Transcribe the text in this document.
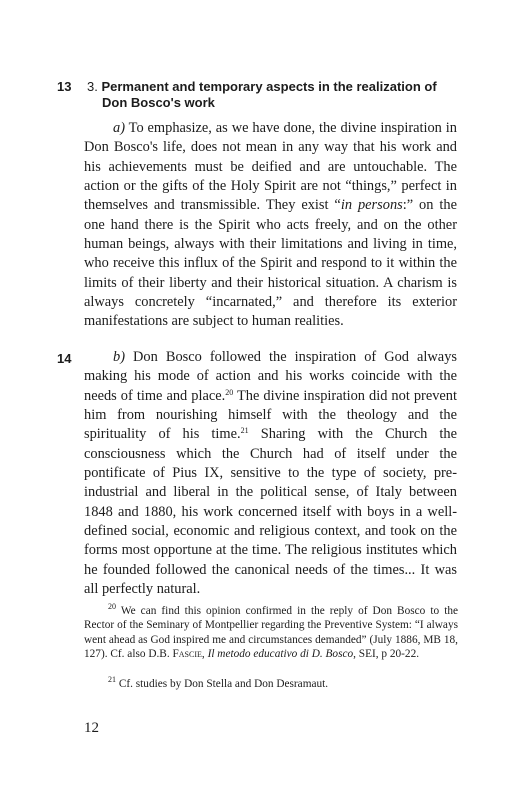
13 3. Permanent and temporary aspects in the realization of
Don Bosco's work

a) To emphasize, as we have done, the divine inspiration in Don Bosco's life, does not mean in any way that his work and his achievements must be deified and are untouchable. The action or the gifts of the Holy Spirit are not “things,” perfect in themselves and transmissible. They exist “in persons:” on the one hand there is the Spirit who acts freely, and on the other human beings, always with their limitations and living in time, who receive this influx of the Spirit and respond to it within the limits of their liberty and their historical situation. A charism is always concretely “incarnated,” and therefore its exterior manifestations are subject to human realities.

14	b) Don Bosco followed the inspiration of God always making his mode of action and his works coincide with the needs of time and place.$^{20}$ The divine inspiration did not prevent him from nourishing himself with the theology and the spirituality of his time.$^{21}$ Sharing with the Church the consciousness which the Church had of itself under the pontificate of Pius IX, sensitive to the type of society, pre-industrial and liberal in the political sense, of Italy between 1848 and 1880, his work concerned itself with boys in a well-defined social, economic and religious context, and took on the forms most opportune at the time. The religious institutes which he founded followed the canonical needs of the times... It was all perfectly natural.

$^{20}$ We can find this opinion confirmed in the reply of Don Bosco to the Rector of the Seminary of Montpellier regarding the Preventive System: “I always went ahead as God inspired me and circumstances demanded” (July 1886, MB 18, 127). Cf. also D.B. Fascie, Il metodo educativo di D. Bosco, SEI, p 20-22.

$^{21}$ Cf. studies by Don Stella and Don Desramaut.

12
